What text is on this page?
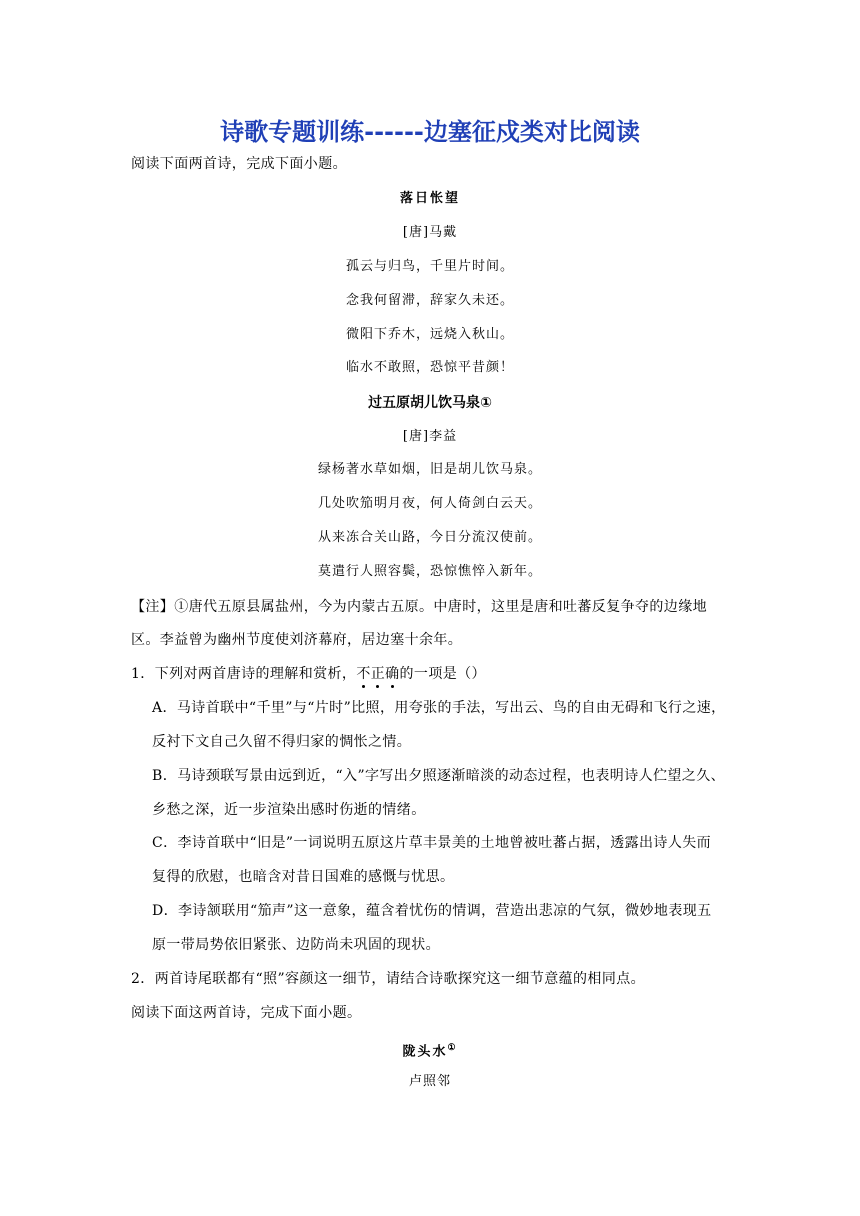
诗歌专题训练------边塞征戍类对比阅读
阅读下面两首诗，完成下面小题。
落日怅望
[唐]马戴
孤云与归鸟，千里片时间。
念我何留滞，辞家久未还。
微阳下乔木，远烧入秋山。
临水不敢照，恐惊平昔颜！
过五原胡儿饮马泉①
[唐]李益
绿杨著水草如烟，旧是胡儿饮马泉。
几处吹笳明月夜，何人倚剑白云天。
从来冻合关山路，今日分流汉使前。
莫遣行人照容鬓，恐惊憔悴入新年。
【注】①唐代五原县属盐州，今为内蒙古五原。中唐时，这里是唐和吐蕃反复争夺的边缘地
区。李益曾为幽州节度使刘济幕府，居边塞十余年。
1．下列对两首唐诗的理解和赏析，不正确的一项是（）
A．马诗首联中“千里”与“片时”比照，用夸张的手法，写出云、鸟的自由无碍和飞行之速，
反衬下文自己久留不得归家的惆怅之情。
B．马诗颈联写景由远到近，“入”字写出夕照逐渐暗淡的动态过程，也表明诗人伫望之久、
乡愁之深，近一步渲染出感时伤逝的情绪。
C．李诗首联中“旧是”一词说明五原这片草丰景美的土地曾被吐蕃占据，透露出诗人失而
复得的欣慰，也暗含对昔日国难的感慨与忧思。
D．李诗颔联用“笳声”这一意象，蕴含着忧伤的情调，营造出悲凉的气氛，微妙地表现五
原一带局势依旧紧张、边防尚未巩固的现状。
2．两首诗尾联都有“照”容颜这一细节，请结合诗歌探究这一细节意蕴的相同点。
阅读下面这两首诗，完成下面小题。
陇头水①
卢照邻
